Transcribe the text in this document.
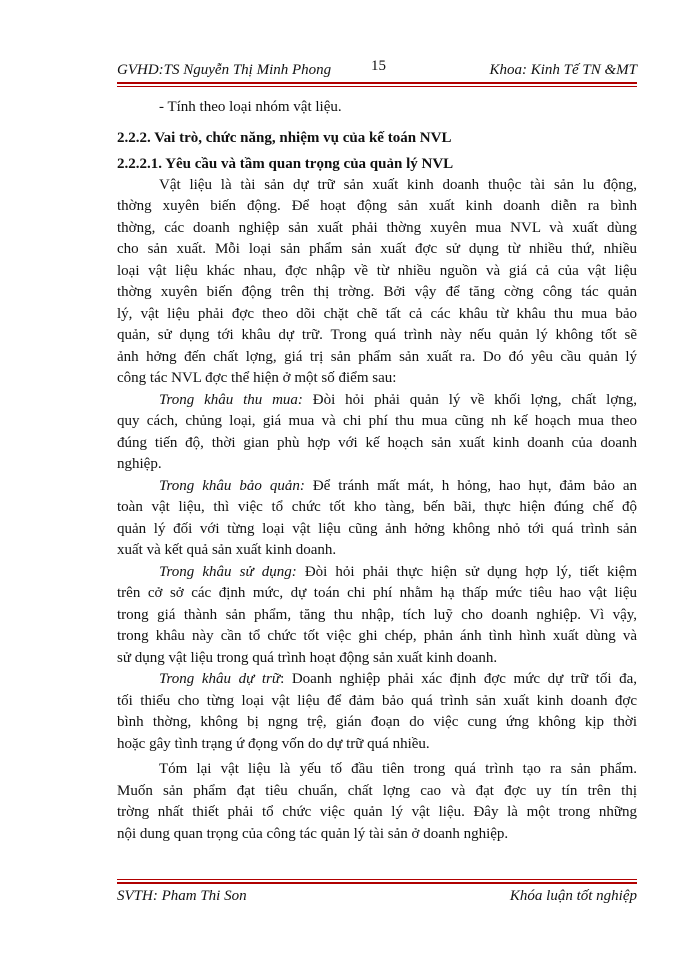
GVHD:TS Nguyễn Thị Minh Phong	15	Khoa: Kinh Tế TN &MT
- Tính theo loại nhóm vật liệu.
2.2.2. Vai trò, chức năng, nhiệm vụ của kế toán NVL
2.2.2.1. Yêu cầu và tầm quan trọng của quản lý NVL
Vật liệu là tài sản dự trữ sản xuất kinh doanh thuộc tài sản lu động,
thờng xuyên biến động. Để hoạt động sản xuất kinh doanh diễn ra bình
thờng, các doanh nghiệp sản xuất phải thờng xuyên mua NVL và xuất dùng
cho sản xuất. Mỗi loại sản phẩm sản xuất đợc sử dụng từ nhiều thứ, nhiều
loại vật liệu khác nhau, đợc nhập về từ nhiều nguồn và giá cả của vật liệu
thờng xuyên biến động trên thị trờng. Bởi vậy để tăng cờng công tác quản
lý, vật liệu phải đợc theo dõi chặt chẽ tất cả các khâu từ khâu thu mua bảo
quản, sử dụng tới khâu dự trữ. Trong quá trình này nếu quản lý không tốt sẽ
ảnh hởng đến chất lợng, giá trị sản phẩm sản xuất ra. Do đó yêu cầu quản lý
công tác NVL đợc thể hiện ở một số điểm sau:
Trong khâu thu mua: Đòi hỏi phải quản lý về khối lợng, chất lợng,
quy cách, chủng loại, giá mua và chi phí thu mua cũng nh kế hoạch mua theo
đúng tiến độ, thời gian phù hợp với kế hoạch sản xuất kinh doanh của doanh
nghiệp.
Trong khâu bảo quản: Để tránh mất mát, h hỏng, hao hụt, đảm bảo an
toàn vật liệu, thì việc tổ chức tốt kho tàng, bến bãi, thực hiện đúng chế độ
quản lý đối với từng loại vật liệu cũng ảnh hởng không nhỏ tới quá trình sản
xuất và kết quả sản xuất kinh doanh.
Trong khâu sử dụng: Đòi hỏi phải thực hiện sử dụng hợp lý, tiết kiệm
trên cở sở các định mức, dự toán chi phí nhằm hạ thấp mức tiêu hao vật liệu
trong giá thành sản phẩm, tăng thu nhập, tích luỹ cho doanh nghiệp. Vì vậy,
trong khâu này cần tổ chức tốt việc ghi chép, phản ánh tình hình xuất dùng và
sử dụng vật liệu trong quá trình hoạt động sản xuất kinh doanh.
Trong khâu dự trữ: Doanh nghiệp phải xác định đợc mức dự trữ tối đa,
tối thiểu cho từng loại vật liệu để đảm bảo quá trình sản xuất kinh doanh đợc
bình thờng, không bị ngng trệ, gián đoạn do việc cung ứng không kịp thời
hoặc gây tình trạng ứ đọng vốn do dự trữ quá nhiều.
Tóm lại vật liệu là yếu tố đầu tiên trong quá trình tạo ra sản phẩm.
Muốn sản phẩm đạt tiêu chuẩn, chất lợng cao và đạt đợc uy tín trên thị
trờng nhất thiết phải tổ chức việc quản lý vật liệu. Đây là một trong những
nội dung quan trọng của công tác quản lý tài sản ở doanh nghiệp.
SVTH: Pham Thi Son	Khóa luận tốt nghiệp
